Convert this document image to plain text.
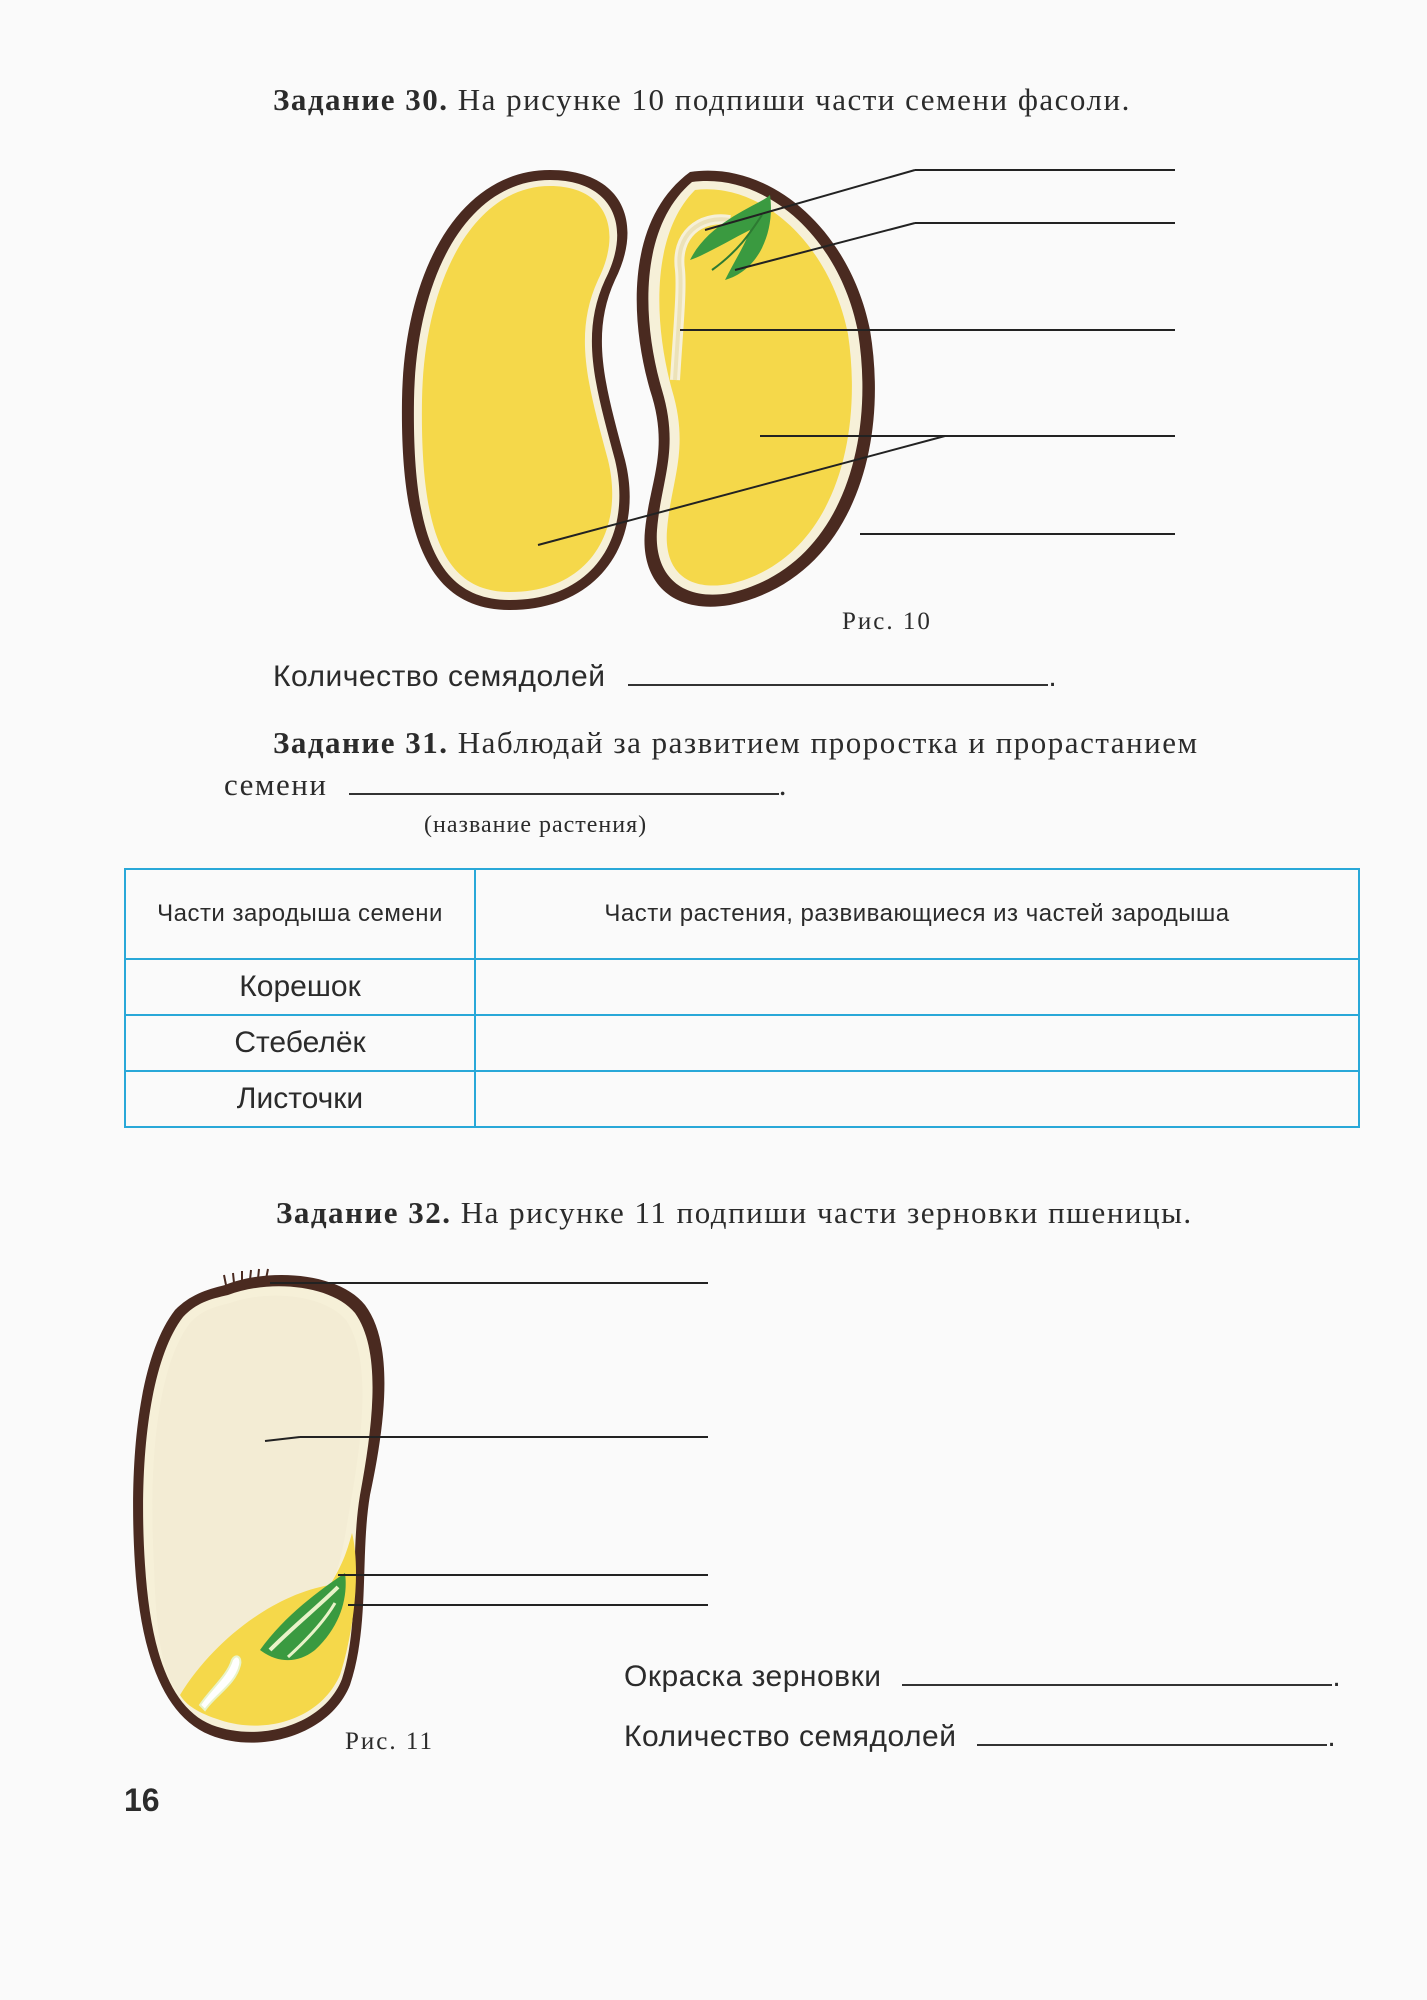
Задание 30. На рисунке 10 подпиши части семени фасоли.
Рис. 10
Количество семядолей	.
Задание 31. Наблюдай за развитием проростка и прорастанием
семени	.
(название растения)
Части зародыша семени	Части растения, развивающиеся из частей зародыша
Корешок	
Стебелёк	
Листочки	
Задание 32. На рисунке 11 подпиши части зерновки пшеницы.
Рис. 11
Окраска зерновки	.
Количество семядолей	.
16
